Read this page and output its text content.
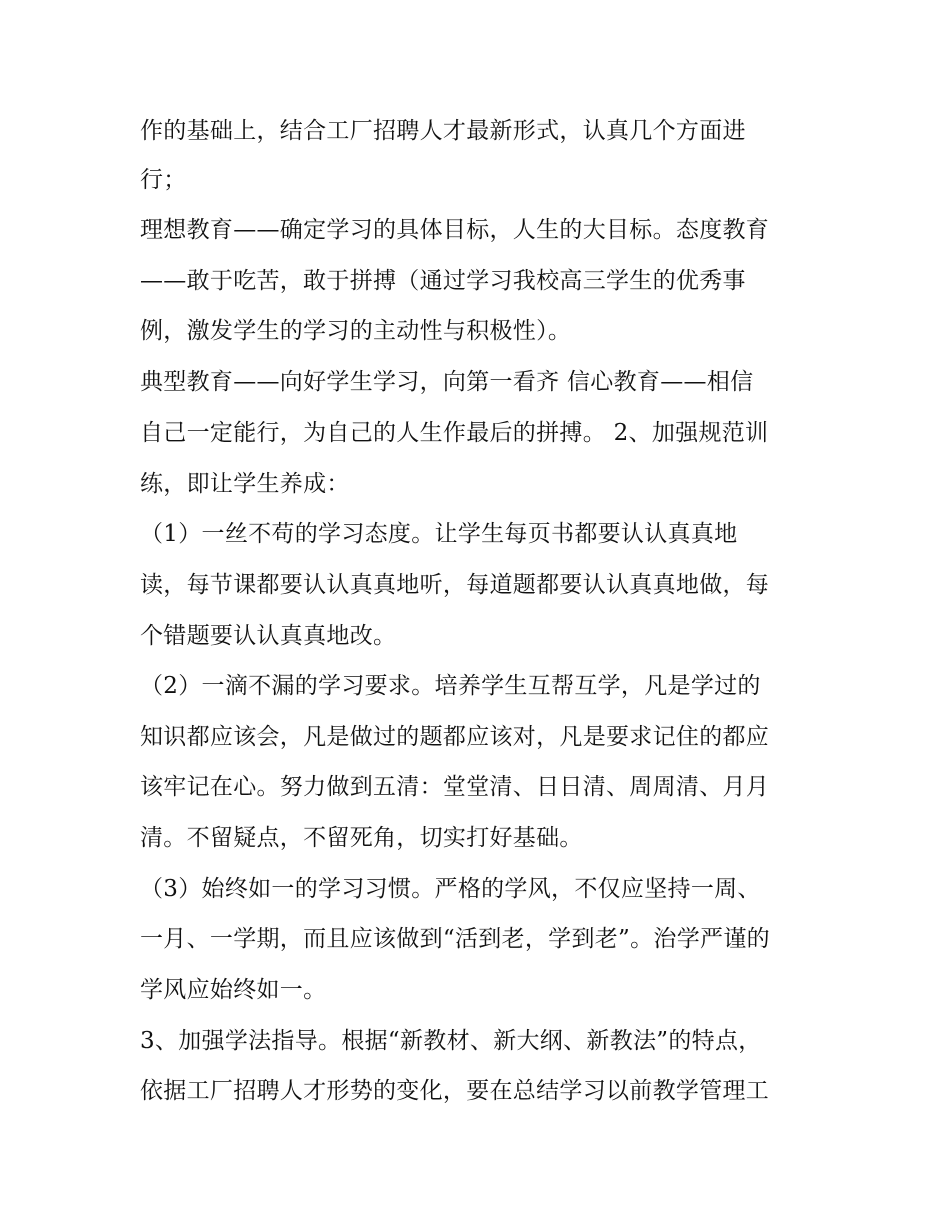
作的基础上，结合工厂招聘人才最新形式，认真几个方面进
行；
理想教育——确定学习的具体目标，人生的大目标。态度教育
——敢于吃苦，敢于拼搏（通过学习我校高三学生的优秀事
例，激发学生的学习的主动性与积极性）。
典型教育——向好学生学习，向第一看齐 信心教育——相信
自己一定能行，为自己的人生作最后的拼搏。 2、加强规范训
练，即让学生养成：
（1）一丝不苟的学习态度。让学生每页书都要认认真真地
读，每节课都要认认真真地听，每道题都要认认真真地做，每
个错题要认认真真地改。
（2）一滴不漏的学习要求。培养学生互帮互学，凡是学过的
知识都应该会，凡是做过的题都应该对，凡是要求记住的都应
该牢记在心。努力做到五清：堂堂清、日日清、周周清、月月
清。不留疑点，不留死角，切实打好基础。
（3）始终如一的学习习惯。严格的学风，不仅应坚持一周、
一月、一学期，而且应该做到“活到老，学到老”。治学严谨的
学风应始终如一。
3、加强学法指导。根据“新教材、新大纲、新教法”的特点，
依据工厂招聘人才形势的变化，要在总结学习以前教学管理工
